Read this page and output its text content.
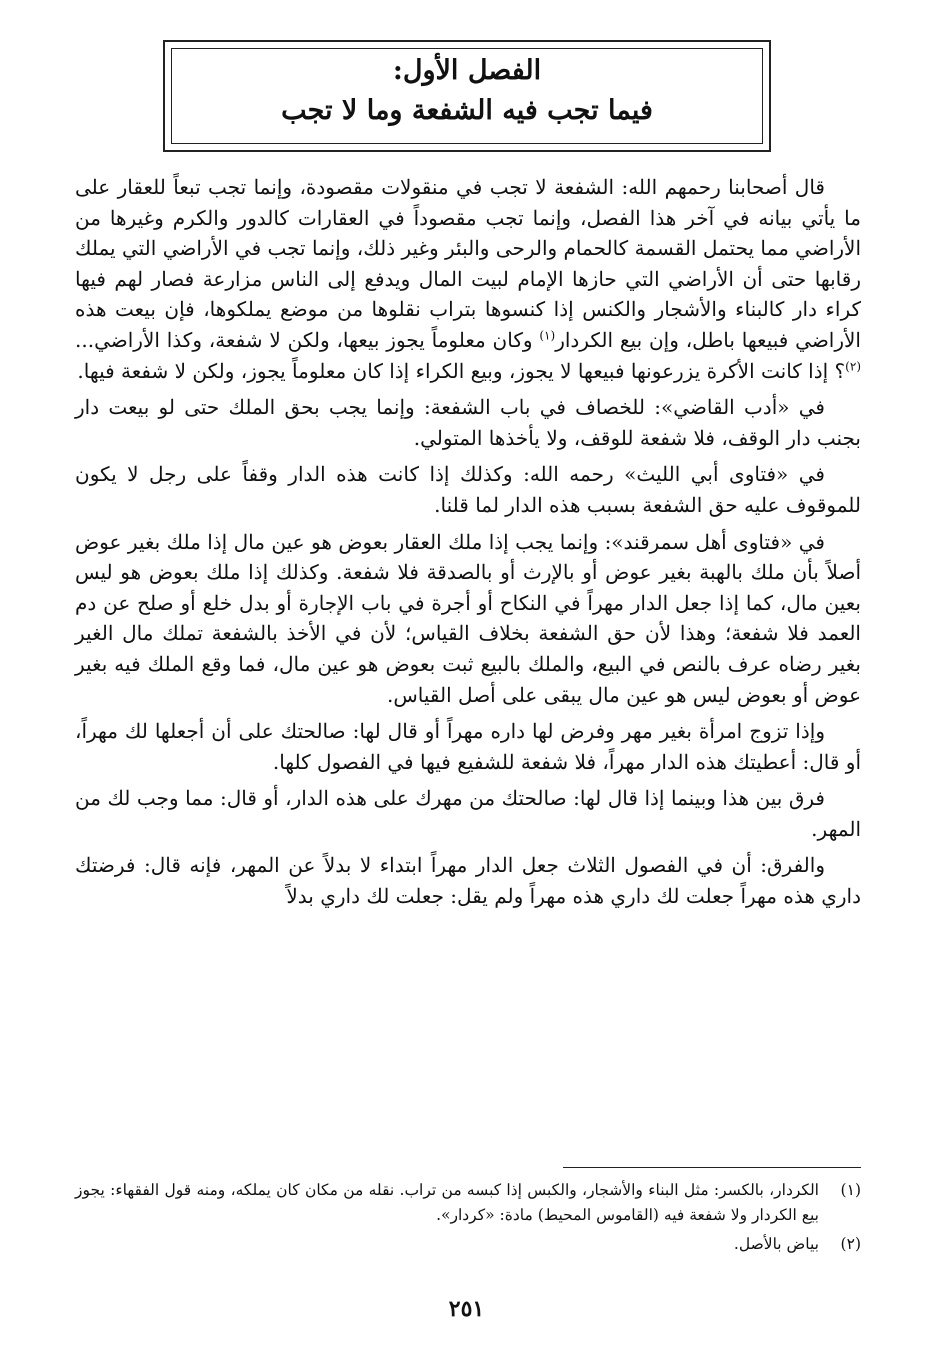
الفصل الأول:
فيما تجب فيه الشفعة وما لا تجب

قال أصحابنا رحمهم الله: الشفعة لا تجب في منقولات مقصودة، وإنما تجب تبعاً للعقار على ما يأتي بيانه في آخر هذا الفصل، وإنما تجب مقصوداً في العقارات كالدور والكرم وغيرها من الأراضي مما يحتمل القسمة كالحمام والرحى والبئر وغير ذلك، وإنما تجب في الأراضي التي يملك رقابها حتى أن الأراضي التي حازها الإمام لبيت المال ويدفع إلى الناس مزارعة فصار لهم فيها كراء دار كالبناء والأشجار والكنس إذا كنسوها بتراب نقلوها من موضع يملكوها، فإن بيعت هذه الأراضي فبيعها باطل، وإن بيع الكردار$^{(١)}$ وكان معلوماً يجوز بيعها، ولكن لا شفعة، وكذا الأراضي...$^{(٢)}$؟ إذا كانت الأكرة يزرعونها فبيعها لا يجوز، وبيع الكراء إذا كان معلوماً يجوز، ولكن لا شفعة فيها.

في «أدب القاضي»: للخصاف في باب الشفعة: وإنما يجب بحق الملك حتى لو بيعت دار بجنب دار الوقف، فلا شفعة للوقف، ولا يأخذها المتولي.

في «فتاوى أبي الليث» رحمه الله: وكذلك إذا كانت هذه الدار وقفاً على رجل لا يكون للموقوف عليه حق الشفعة بسبب هذه الدار لما قلنا.

في «فتاوى أهل سمرقند»: وإنما يجب إذا ملك العقار بعوض هو عين مال إذا ملك بغير عوض أصلاً بأن ملك بالهبة بغير عوض أو بالإرث أو بالصدقة فلا شفعة. وكذلك إذا ملك بعوض هو ليس بعين مال، كما إذا جعل الدار مهراً في النكاح أو أجرة في باب الإجارة أو بدل خلع أو صلح عن دم العمد فلا شفعة؛ وهذا لأن حق الشفعة بخلاف القياس؛ لأن في الأخذ بالشفعة تملك مال الغير بغير رضاه عرف بالنص في البيع، والملك بالبيع ثبت بعوض هو عين مال، فما وقع الملك فيه بغير عوض أو بعوض ليس هو عين مال يبقى على أصل القياس.

وإذا تزوج امرأة بغير مهر وفرض لها داره مهراً أو قال لها: صالحتك على أن أجعلها لك مهراً، أو قال: أعطيتك هذه الدار مهراً، فلا شفعة للشفيع فيها في الفصول كلها.

فرق بين هذا وبينما إذا قال لها: صالحتك من مهرك على هذه الدار، أو قال: مما وجب لك من المهر.

والفرق: أن في الفصول الثلاث جعل الدار مهراً ابتداء لا بدلاً عن المهر، فإنه قال: فرضتك داري هذه مهراً جعلت لك داري هذه مهراً ولم يقل: جعلت لك داري بدلاً

(١)
الكردار، بالكسر: مثل البناء والأشجار، والكبس إذا كبسه من تراب. نقله من مكان كان يملكه، ومنه قول الفقهاء: يجوز بيع الكردار ولا شفعة فيه (القاموس المحيط) مادة: «كردار».
(٢)
بياض بالأصل.
٢٥١
